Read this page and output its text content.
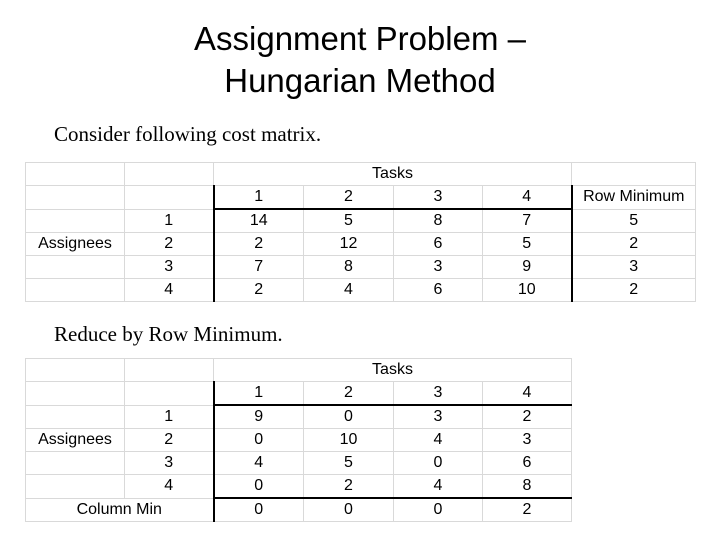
Assignment Problem –
Hungarian Method
Consider following cost matrix.
		Tasks				
		1	2	3	4	Row Minimum
	1	14	5	8	7	5
Assignees	2	2	12	6	5	2
	3	7	8	3	9	3
	4	2	4	6	10	2
Reduce by Row Minimum.
		Tasks			
		1	2	3	4
	1	9	0	3	2
Assignees	2	0	10	4	3
	3	4	5	0	6
	4	0	2	4	8
Column Min		0	0	0	2
